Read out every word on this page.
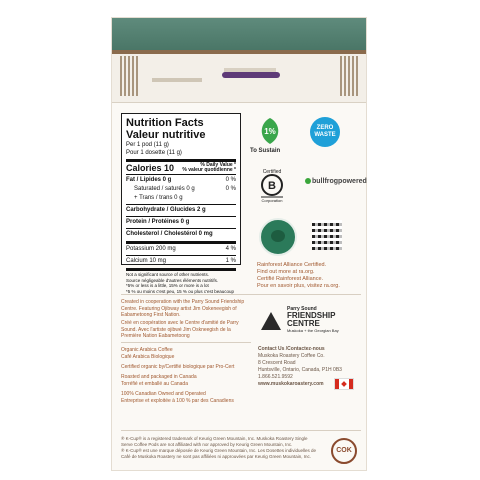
Nutrition Facts
Valeur nutritive
Per 1 pod (11 g)
Pour 1 dosette (11 g)
Calories 10	% Daily Value *
% valeur quotidienne *
Fat / Lipides 0 g	0 %
Saturated / saturés 0 g	0 %
+ Trans / trans 0 g
Carbohydrate / Glucides 2 g
Protein / Protéines 0 g
Cholesterol / Cholestérol 0 mg
Potassium 200 mg	4 %
Calcium 10 mg	1 %
Not a significant source of other nutrients.
Source négligeable d'autres éléments nutritifs.
*5% or less is a little, 15% or more is a lot
*5 % ou moins c'est peu, 15 % ou plus c'est beaucoup
1%
To Sustain
ZERO WASTE
Certified
B
Corporation
bullfrogpowered
Rainforest Alliance Certified.
Find out more at ra.org.
Certifié Rainforest Alliance.
Pour en savoir plus, visitez ra.org.
Parry Sound
FRIENDSHIP
CENTRE
Muskoka + the Georgian Bay
Created in cooperation with the Parry Sound Friendship Centre. Featuring Ojibway artist Jim Oskeneegish of Eabametoong First Nation.
Créé en coopération avec le Centre d'amitié de Parry Sound. Avec l'artiste ojibwé Jim Oskneegish de la Première Nation Eabametoong
Organic Arabica Coffee
Café Arabica Biologique
Certified organic by/Certifié biologique par Pro-Cert
Roasted and packaged in Canada
Torréfié et emballé au Canada
100% Canadian Owned and Operated
Entreprise et exploitée à 100 % par des Canadiens
Contact Us /Contactez-nous
Muskoka Roastery Coffee Co.
8 Crescent Road
Huntsville, Ontario, Canada, P1H 0B3
1.866.521.9592
www.muskokaroastery.com
® K-Cup® is a registered trademark of Keurig Green Mountain, Inc. Muskoka Roastery Single Serve Coffee Pods are not affiliated with nor approved by Keurig Green Mountain, Inc.
® K-Cup® est une marque déposée de Keurig Green Mountain, Inc. Les Dosettes individuelles de Café de Muskoka Roastery ne sont pas affiliées ni approuvées par Keurig Green Mountain, Inc.
COK
